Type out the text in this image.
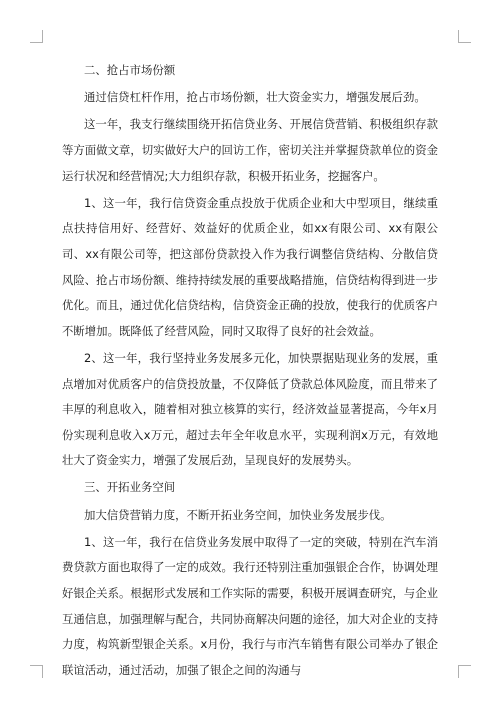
二、抢占市场份额

通过信贷杠杆作用，抢占市场份额，壮大资金实力，增强发展后劲。

这一年，我支行继续围绕开拓信贷业务、开展信贷营销、积极组织存款等方面做文章，切实做好大户的回访工作，密切关注并掌握贷款单位的资金运行状况和经营情况;大力组织存款，积极开拓业务，挖掘客户。

1、这一年，我行信贷资金重点投放于优质企业和大中型项目，继续重点扶持信用好、经营好、效益好的优质企业，如xx有限公司、xx有限公司、xx有限公司等，把这部份贷款投入作为我行调整信贷结构、分散信贷风险、抢占市场份额、维持持续发展的重要战略措施，信贷结构得到进一步优化。而且，通过优化信贷结构，信贷资金正确的投放，使我行的优质客户不断增加。既降低了经营风险，同时又取得了良好的社会效益。

2、这一年，我行坚持业务发展多元化，加快票据贴现业务的发展，重点增加对优质客户的信贷投放量，不仅降低了贷款总体风险度，而且带来了丰厚的利息收入，随着相对独立核算的实行，经济效益显著提高，今年x月份实现利息收入x万元，超过去年全年收息水平，实现利润x万元，有效地壮大了资金实力，增强了发展后劲，呈现良好的发展势头。

三、开拓业务空间

加大信贷营销力度，不断开拓业务空间，加快业务发展步伐。

1、这一年，我行在信贷业务发展中取得了一定的突破，特别在汽车消费贷款方面也取得了一定的成效。我行还特别注重加强银企合作，协调处理好银企关系。根据形式发展和工作实际的需要，积极开展调查研究，与企业互通信息，加强理解与配合，共同协商解决问题的途径，加大对企业的支持力度，构筑新型银企关系。x月份，我行与市汽车销售有限公司举办了银企联谊活动，通过活动，加强了银企之间的沟通与
